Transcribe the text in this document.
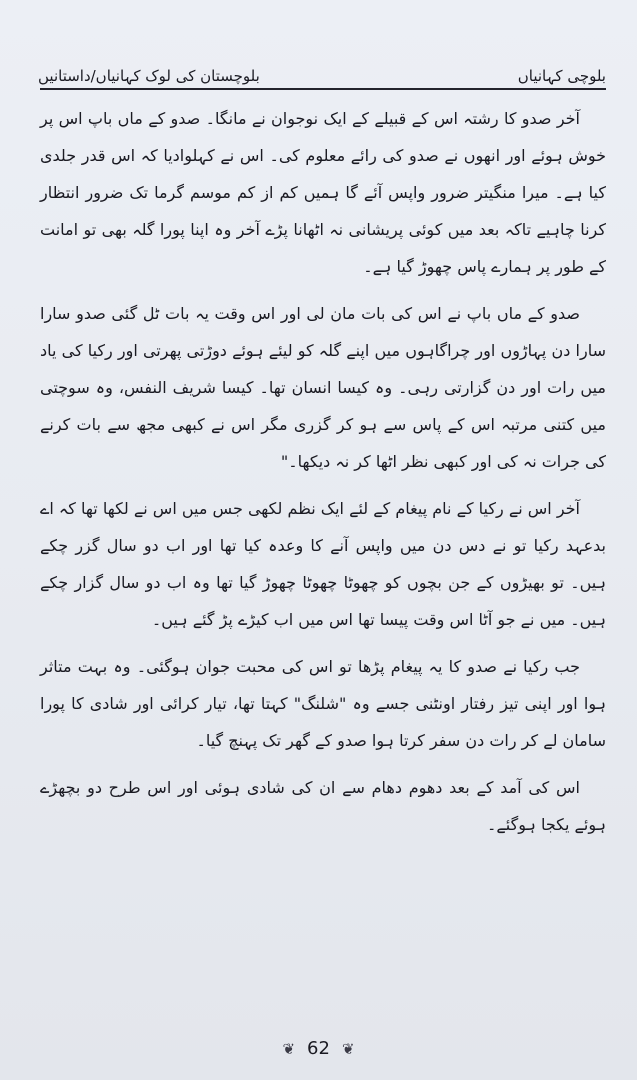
بلوچستان کی لوک کہانیاں/داستانیں	بلوچی کہانیاں

آخر صدو کا رشتہ اس کے قبیلے کے ایک نوجوان نے مانگا۔ صدو کے ماں باپ اس پر خوش ہوئے اور انھوں نے صدو کی رائے معلوم کی۔ اس نے کہلوادیا کہ اس قدر جلدی کیا ہے۔ میرا منگیتر ضرور واپس آئے گا ہمیں کم از کم موسم گرما تک ضرور انتظار کرنا چاہیے تاکہ بعد میں کوئی پریشانی نہ اٹھانا پڑے آخر وہ اپنا پورا گلہ بھی تو امانت کے طور پر ہمارے پاس چھوڑ گیا ہے۔

صدو کے ماں باپ نے اس کی بات مان لی اور اس وقت یہ بات ٹل گئی صدو سارا سارا دن پہاڑوں اور چراگاہوں میں اپنے گلہ کو لیئے ہوئے دوڑتی پھرتی اور رکیا کی یاد میں رات اور دن گزارتی رہی۔ وہ کیسا انسان تھا۔ کیسا شریف النفس، وہ سوچتی میں کتنی مرتبہ اس کے پاس سے ہو کر گزری مگر اس نے کبھی مجھ سے بات کرنے کی جرات نہ کی اور کبھی نظر اٹھا کر نہ دیکھا۔"

آخر اس نے رکیا کے نام پیغام کے لئے ایک نظم لکھی جس میں اس نے لکھا تھا کہ اے بدعہد رکیا تو نے دس دن میں واپس آنے کا وعدہ کیا تھا اور اب دو سال گزر چکے ہیں۔ تو بھیڑوں کے جن بچوں کو چھوٹا چھوٹا چھوڑ گیا تھا وہ اب دو سال گزار چکے ہیں۔ میں نے جو آٹا اس وقت پیسا تھا اس میں اب کیڑے پڑ گئے ہیں۔

جب رکیا نے صدو کا یہ پیغام پڑھا تو اس کی محبت جوان ہوگئی۔ وہ بہت متاثر ہوا اور اپنی تیز رفتار اونٹنی جسے وہ "شلنگ" کہتا تھا، تیار کرائی اور شادی کا پورا سامان لے کر رات دن سفر کرتا ہوا صدو کے گھر تک پہنچ گیا۔

اس کی آمد کے بعد دھوم دھام سے ان کی شادی ہوئی اور اس طرح دو بچھڑے ہوئے یکجا ہوگئے۔

❦ 62 ❦
